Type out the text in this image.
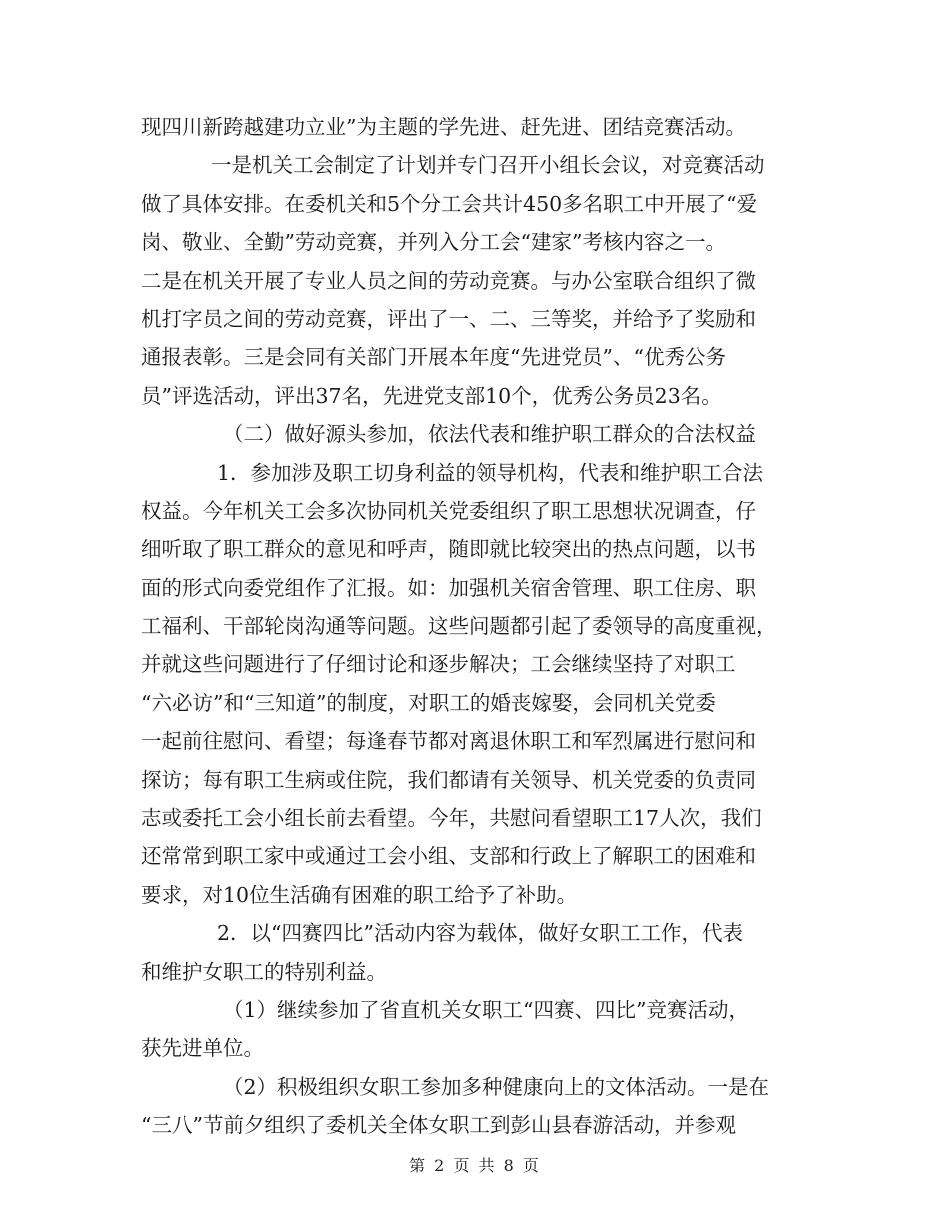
现四川新跨越建功立业”为主题的学先进、赶先进、团结竞赛活动。
一是机关工会制定了计划并专门召开小组长会议，对竞赛活动
做了具体安排。在委机关和5个分工会共计450多名职工中开展了“爱
岗、敬业、全勤”劳动竞赛，并列入分工会“建家”考核内容之一。
二是在机关开展了专业人员之间的劳动竞赛。与办公室联合组织了微
机打字员之间的劳动竞赛，评出了一、二、三等奖，并给予了奖励和
通报表彰。三是会同有关部门开展本年度“先进党员”、“优秀公务
员”评选活动，评出37名，先进党支部10个，优秀公务员23名。
（二）做好源头参加，依法代表和维护职工群众的合法权益
1．参加涉及职工切身利益的领导机构，代表和维护职工合法
权益。今年机关工会多次协同机关党委组织了职工思想状况调查，仔
细听取了职工群众的意见和呼声，随即就比较突出的热点问题，以书
面的形式向委党组作了汇报。如：加强机关宿舍管理、职工住房、职
工福利、干部轮岗沟通等问题。这些问题都引起了委领导的高度重视，
并就这些问题进行了仔细讨论和逐步解决；工会继续坚持了对职工
“六必访”和“三知道”的制度，对职工的婚丧嫁娶，会同机关党委
一起前往慰问、看望；每逢春节都对离退休职工和军烈属进行慰问和
探访；每有职工生病或住院，我们都请有关领导、机关党委的负责同
志或委托工会小组长前去看望。今年，共慰问看望职工17人次，我们
还常常到职工家中或通过工会小组、支部和行政上了解职工的困难和
要求，对10位生活确有困难的职工给予了补助。
2．以“四赛四比”活动内容为载体，做好女职工工作，代表
和维护女职工的特别利益。
（1）继续参加了省直机关女职工“四赛、四比”竞赛活动，
获先进单位。
（2）积极组织女职工参加多种健康向上的文体活动。一是在
“三八”节前夕组织了委机关全体女职工到彭山县春游活动，并参观
第 2 页 共 8 页
